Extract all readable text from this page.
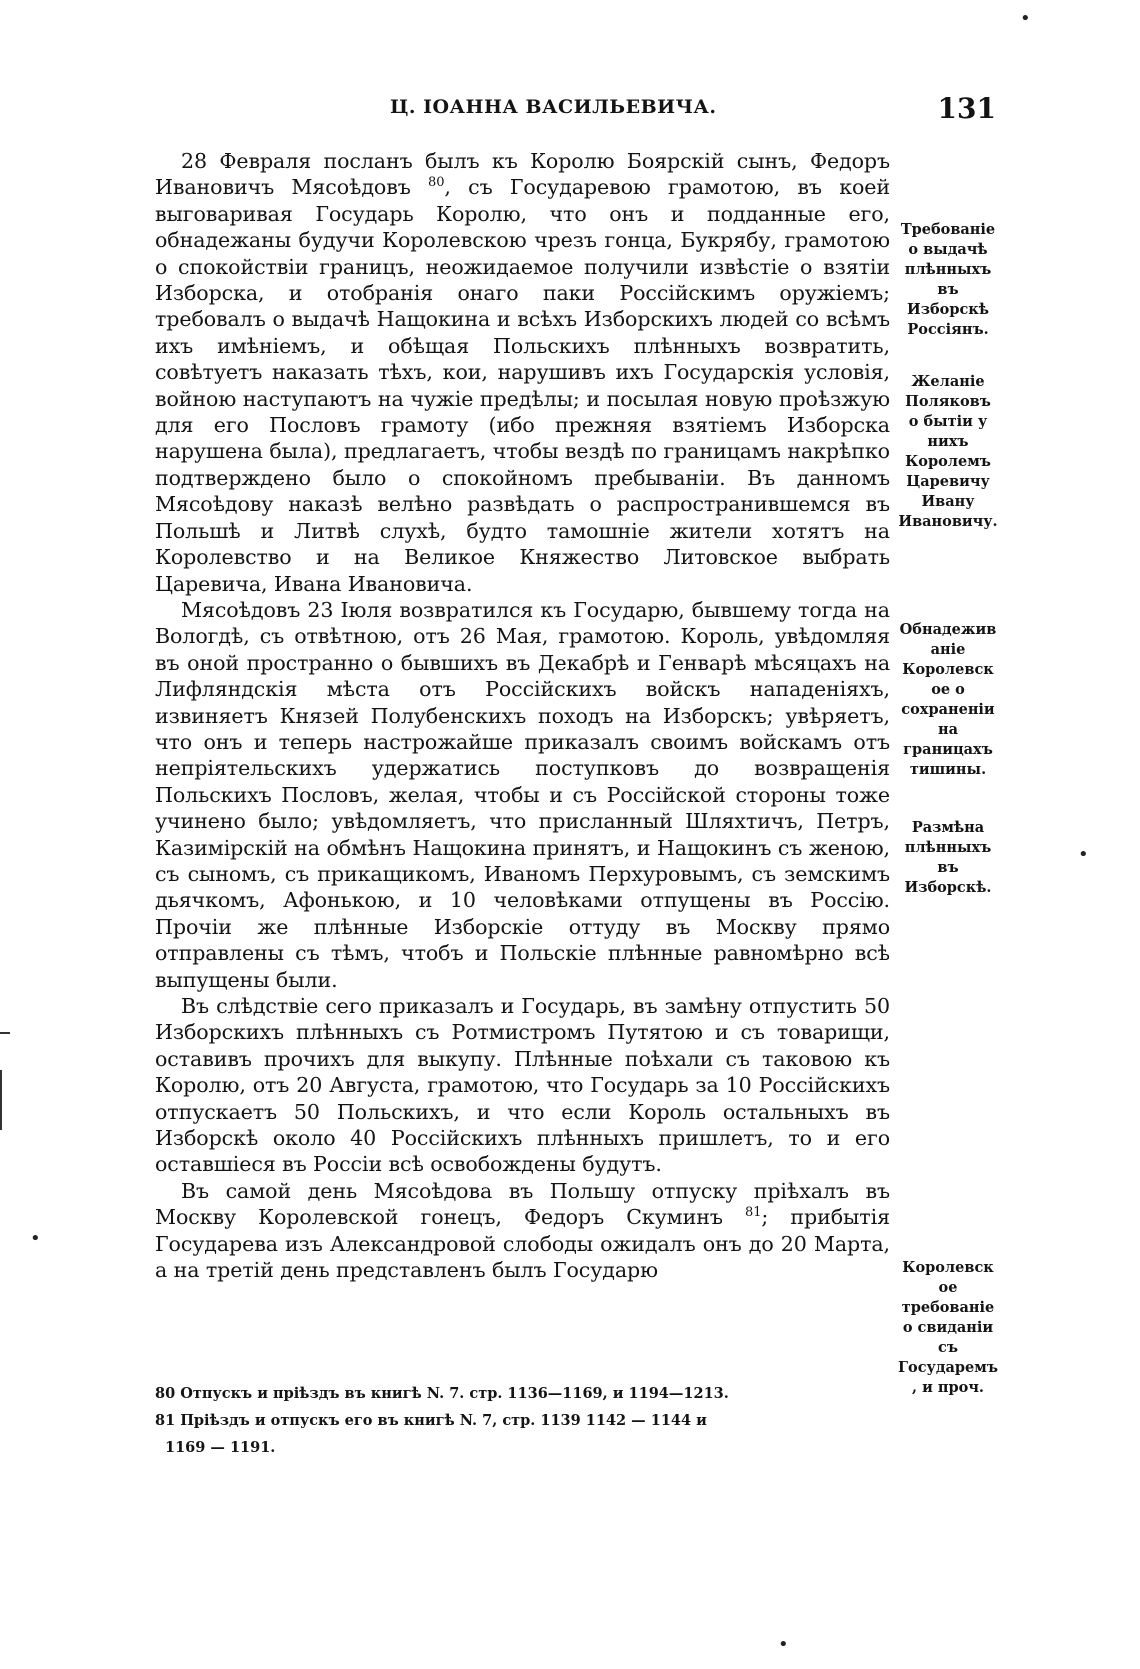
Ц. ІОАННА ВАСИЛЬЕВИЧА.	131

28 Февраля посланъ былъ къ Королю Боярскій сынъ, Федоръ Ивановичъ Мясоѣдовъ $^{80}$, съ Государевою грамотою, въ коей выговаривая Государь Королю, что онъ и подданные его, обнадежаны будучи Королевскою чрезъ гонца, Букрябу, грамотою о спокойствіи границъ, неожидаемое получили извѣстіе о взятіи Изборска, и отобранія онаго паки Россійскимъ оружіемъ; требовалъ о выдачѣ Нащокина и всѣхъ Изборскихъ людей со всѣмъ ихъ имѣніемъ, и обѣщая Польскихъ плѣнныхъ возвратить, совѣтуетъ наказать тѣхъ, кои, нарушивъ ихъ Государскія условія, войною наступаютъ на чужіе предѣлы; и посылая новую проѣзжую для его Пословъ грамоту (ибо прежняя взятіемъ Изборска нарушена была), предлагаетъ, чтобы вездѣ по границамъ накрѣпко подтверждено было о спокойномъ пребываніи. Въ данномъ Мясоѣдову наказѣ велѣно развѣдать о распространившемся въ Польшѣ и Литвѣ слухѣ, будто тамошніе жители хотятъ на Королевство и на Великое Княжество Литовское выбрать Царевича, Ивана Ивановича.

Мясоѣдовъ 23 Іюля возвратился къ Государю, бывшему тогда на Вологдѣ, съ отвѣтною, отъ 26 Мая, грамотою. Король, увѣдомляя въ оной пространно о бывшихъ въ Декабрѣ и Генварѣ мѣсяцахъ на Лифляндскія мѣста отъ Россійскихъ войскъ нападеніяхъ, извиняетъ Князей Полубенскихъ походъ на Изборскъ; увѣряетъ, что онъ и теперь настрожайше приказалъ своимъ войскамъ отъ непріятельскихъ удержатись поступковъ до возвращенія Польскихъ Пословъ, желая, чтобы и съ Россійской стороны тоже учинено было; увѣдомляетъ, что присланный Шляхтичъ, Петръ, Казимірскій на обмѣнъ Нащокина принятъ, и Нащокинъ съ женою, съ сыномъ, съ прикащикомъ, Иваномъ Перхуровымъ, съ земскимъ дьячкомъ, Афонькою, и 10 человѣками отпущены въ Россію. Прочіи же плѣнные Изборскіе оттуду въ Москву прямо отправлены съ тѣмъ, чтобъ и Польскіе плѣнные равномѣрно всѣ выпущены были.

Въ слѣдствіе сего приказалъ и Государь, въ замѣну отпустить 50 Изборскихъ плѣнныхъ съ Ротмистромъ Путятою и съ товарищи, оставивъ прочихъ для выкупу. Плѣнные поѣхали съ таковою къ Королю, отъ 20 Августа, грамотою, что Государь за 10 Россійскихъ отпускаетъ 50 Польскихъ, и что если Король остальныхъ въ Изборскѣ около 40 Россійскихъ плѣнныхъ пришлетъ, то и его оставшіеся въ Россіи всѣ освобождены будутъ.

Въ самой день Мясоѣдова въ Польшу отпуску пріѣхалъ въ Москву Королевской гонецъ, Федоръ Скуминъ $^{81}$; прибытія Государева изъ Александровой слободы ожидалъ онъ до 20 Марта, а на третій день представленъ былъ Государю

Требованіе о выдачѣ плѣнныхъ въ Изборскѣ Россіянъ.
Желаніе Поляковъ о бытіи у нихъ Королемъ Царевичу Ивану Ивановичу.
Обнадеживаніе Королевское о сохраненіи на границахъ тишины.
Размѣна плѣнныхъ въ Изборскѣ.
Королевское требованіе о свиданіи съ Государемъ, и проч.

80 Отпускъ и пріѣздъ въ книгѣ N. 7. стр. 1136—1169, и 1194—1213.

81 Пріѣздъ и отпускъ его въ книгѣ N. 7, стр. 1139 1142 — 1144 и

1169 — 1191.

•
•
•
•
